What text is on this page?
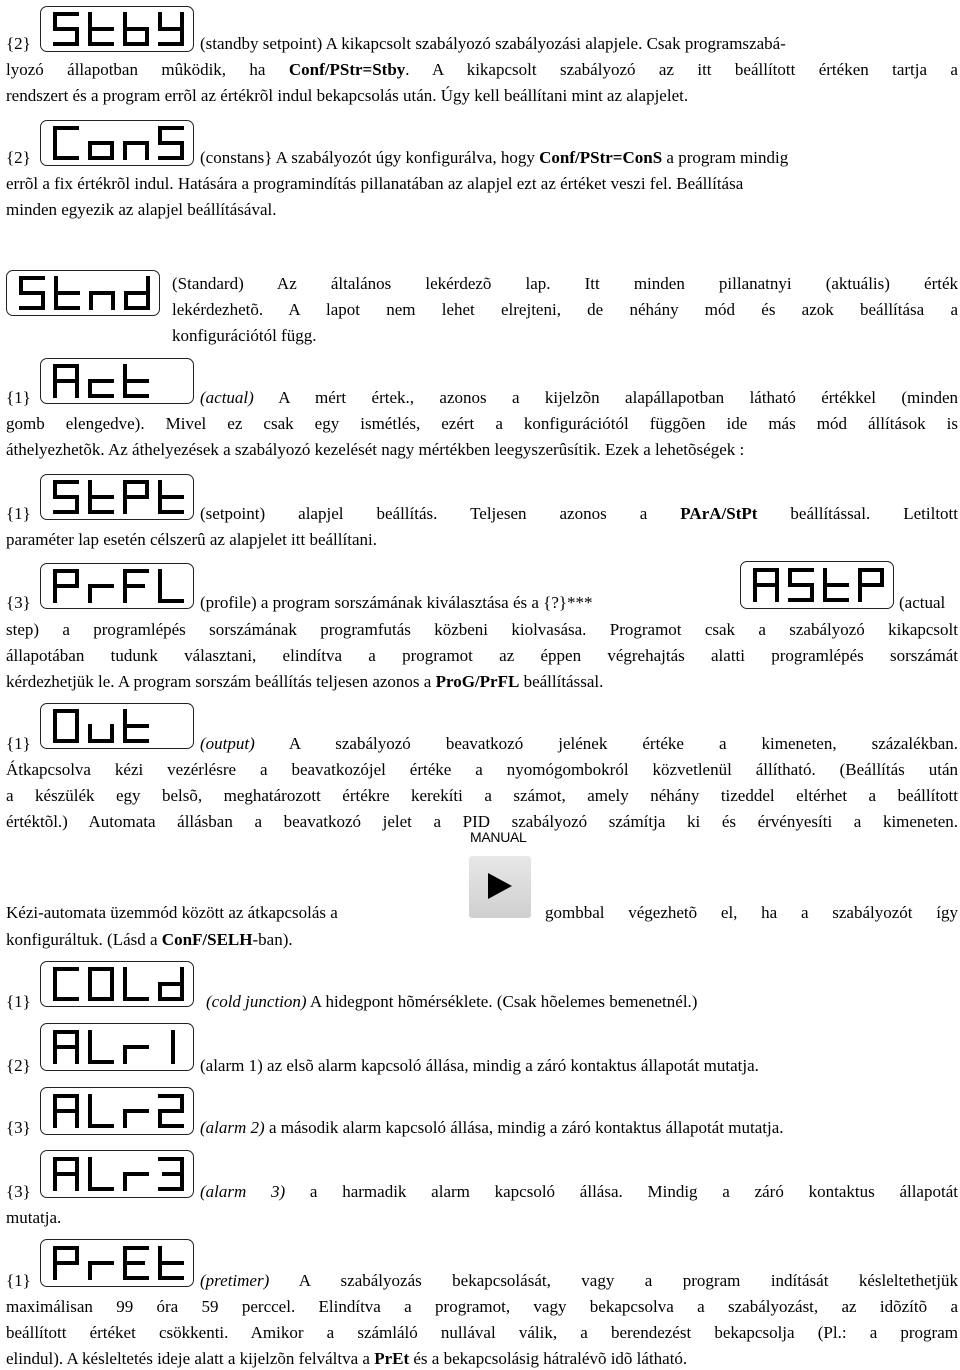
{2}	(standby setpoint) A kikapcsolt szabályozó szabályozási alapjele. Csak programszabá-
lyozó állapotban mûködik, ha Conf/PStr=Stby. A kikapcsolt szabályozó az itt beállított értéken tartja a
rendszert és a program errõl az értékrõl indul bekapcsolás után. Úgy kell beállítani mint az alapjelet.
{2}	(constans} A szabályozót úgy konfigurálva, hogy Conf/PStr=ConS a program mindig
errõl a fix értékrõl indul. Hatására a programindítás pillanatában az alapjel ezt az értéket veszi fel. Beállítása
minden egyezik az alapjel beállításával.
(Standard) Az általános lekérdezõ lap. Itt minden pillanatnyi (aktuális) érték
lekérdezhetõ. A lapot nem lehet elrejteni, de néhány mód és azok beállítása a
konfigurációtól függ.
{1}	(actual) A mért értek., azonos a kijelzõn alapállapotban látható értékkel (minden
gomb elengedve). Mivel ez csak egy ismétlés, ezért a konfigurációtól függõen ide más mód állítások is
áthelyezhetõk. Az áthelyezések a szabályozó kezelését nagy mértékben leegyszerûsítik. Ezek a lehetõségek :
{1}	(setpoint) alapjel beállítás. Teljesen azonos a PArA/StPt beállítással. Letiltott
paraméter lap esetén célszerû az alapjelet itt beállítani.
{3}	(profile) a program sorszámának kiválasztása és a {?}***	(actual
step) a programlépés sorszámának programfutás közbeni kiolvasása. Programot csak a szabályozó kikapcsolt
állapotában tudunk választani, elindítva a programot az éppen végrehajtás alatti programlépés sorszámát
kérdezhetjük le. A program sorszám beállítás teljesen azonos a ProG/PrFL beállítással.
{1}	(output) A szabályozó beavatkozó jelének értéke a kimeneten, százalékban.
Átkapcsolva kézi vezérlésre a beavatkozójel értéke a nyomógombokról közvetlenül állítható. (Beállítás után
a készülék egy belsõ, meghatározott értékre kerekíti a számot, amely néhány tizeddel eltérhet a beállított
értéktõl.) Automata állásban a beavatkozó jelet a PID szabályozó számítja ki és érvényesíti a kimeneten.
MANUAL
Kézi-automata üzemmód között az átkapcsolás a	gombbal végezhetõ el, ha a szabályozót így
konfiguráltuk. (Lásd a ConF/SELH-ban).
{1}	(cold junction) A hidegpont hõmérséklete. (Csak hõelemes bemenetnél.)
{2}	(alarm 1) az elsõ alarm kapcsoló állása, mindig a záró kontaktus állapotát mutatja.
{3}	(alarm 2) a második alarm kapcsoló állása, mindig a záró kontaktus állapotát mutatja.
{3}	(alarm 3) a harmadik alarm kapcsoló állása. Mindig a záró kontaktus állapotát
mutatja.
{1}	(pretimer) A szabályozás bekapcsolását, vagy a program indítását késleltethetjük
maximálisan 99 óra 59 perccel. Elindítva a programot, vagy bekapcsolva a szabályozást, az idõzítõ a
beállított értéket csökkenti. Amikor a számláló nullával válik, a berendezést bekapcsolja (Pl.: a program
elindul). A késleltetés ideje alatt a kijelzõn felváltva a PrEt és a bekapcsolásig hátralévõ idõ látható.
